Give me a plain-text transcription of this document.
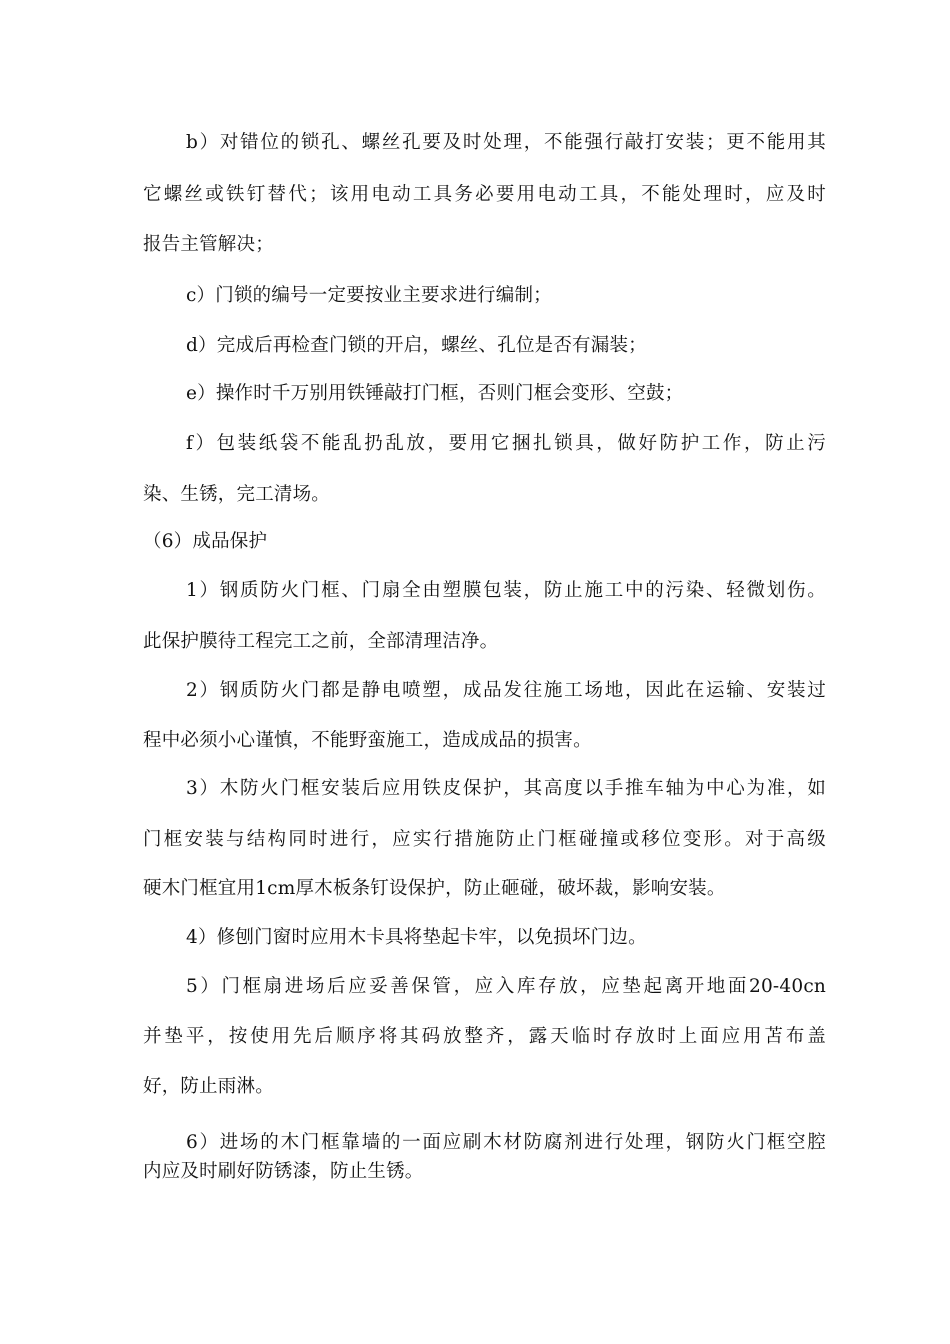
b）对错位的锁孔、螺丝孔要及时处理，不能强行敲打安装；更不能用其
它螺丝或铁钉替代；该用电动工具务必要用电动工具，不能处理时，应及时
报告主管解决；
c）门锁的编号一定要按业主要求进行编制；
d）完成后再检查门锁的开启，螺丝、孔位是否有漏装；
e）操作时千万别用铁锤敲打门框，否则门框会变形、空鼓；
f）包装纸袋不能乱扔乱放，要用它捆扎锁具，做好防护工作，防止污
染、生锈，完工清场。
（6）成品保护
1）钢质防火门框、门扇全由塑膜包装，防止施工中的污染、轻微划伤。
此保护膜待工程完工之前，全部清理洁净。
2）钢质防火门都是静电喷塑，成品发往施工场地，因此在运输、安装过
程中必须小心谨慎，不能野蛮施工，造成成品的损害。
3）木防火门框安装后应用铁皮保护，其高度以手推车轴为中心为准，如
门框安装与结构同时进行，应实行措施防止门框碰撞或移位变形。对于高级
硬木门框宜用1cm厚木板条钉设保护，防止砸碰，破坏裁，影响安装。
4）修刨门窗时应用木卡具将垫起卡牢，以免损坏门边。
5）门框扇进场后应妥善保管，应入库存放，应垫起离开地面20-40cn
并垫平，按使用先后顺序将其码放整齐，露天临时存放时上面应用苫布盖
好，防止雨淋。
6）进场的木门框靠墙的一面应刷木材防腐剂进行处理，钢防火门框空腔
内应及时刷好防锈漆，防止生锈。
